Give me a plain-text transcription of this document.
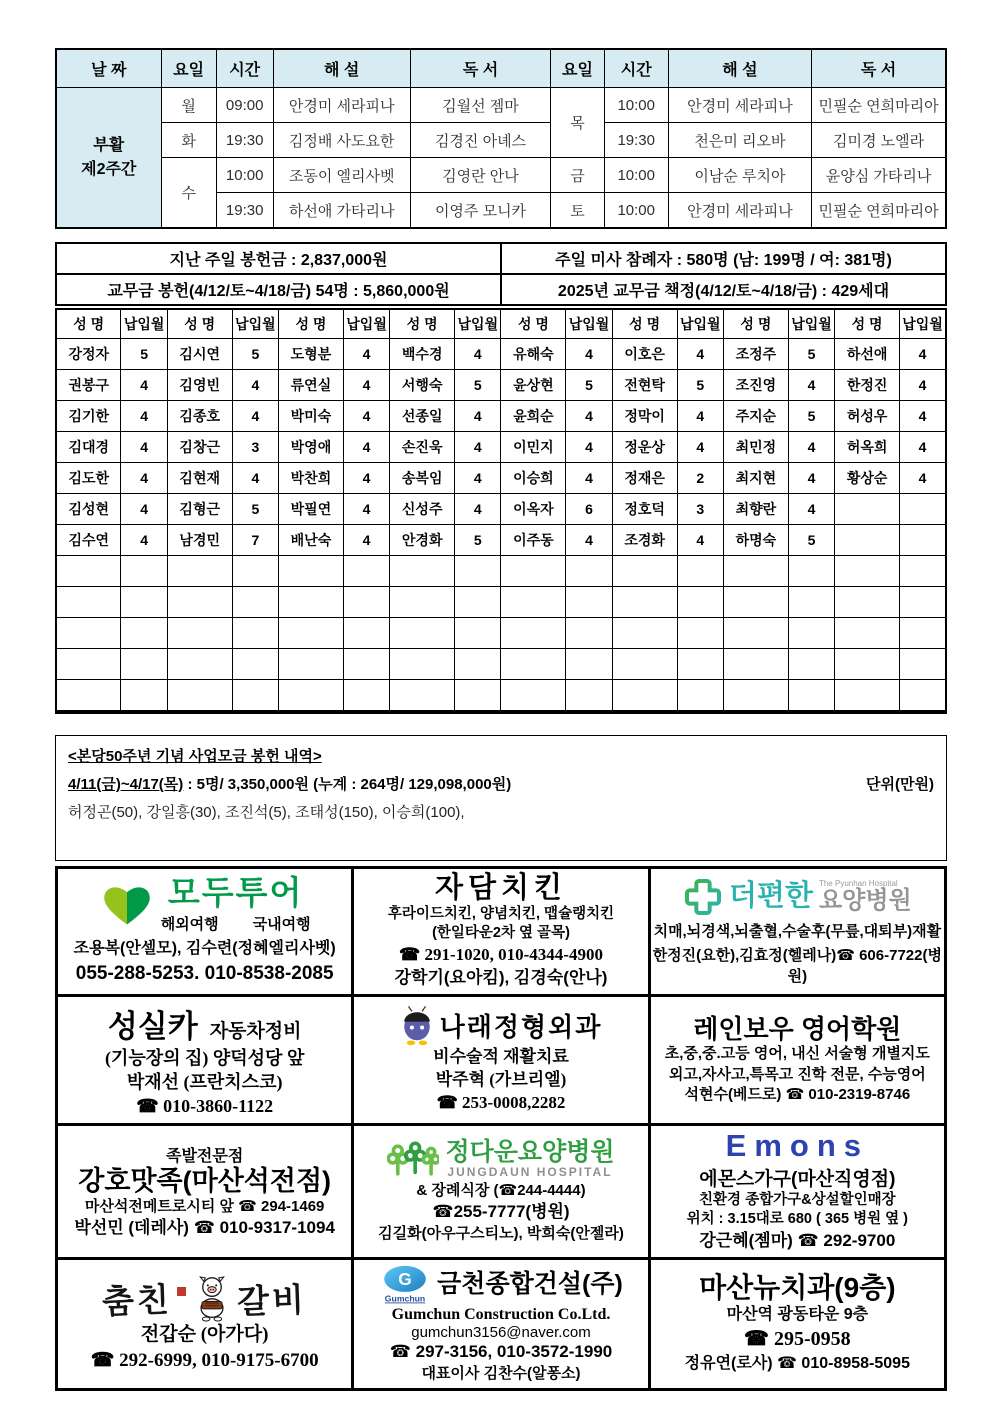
날 짜	요일	시간	해 설	독 서	요일	시간	해 설	독 서
부활
제2주간	월	09:00	안경미 세라피나	김월선 젬마	목	10:00	안경미 세라피나	민필순 연희마리아
	화	19:30	김정배 사도요한	김경진 아녜스		19:30	천은미 리오바	김미경 노엘라
	수	10:00	조동이 엘리사벳	김영란 안나	금	10:00	이남순 루치아	윤양심 가타리나
		19:30	하선애 가타리나	이영주 모니카	토	10:00	안경미 세라피나	민필순 연희마리아
지난 주일 봉헌금 : 2,837,000원	주일 미사 참례자 : 580명 (남: 199명 / 여: 381명)
교무금 봉헌(4/12/토~4/18/금) 54명 : 5,860,000원	2025년 교무금 책정(4/12/토~4/18/금) : 429세대
성 명	납입월	성 명	납입월	성 명	납입월	성 명	납입월	성 명	납입월	성 명	납입월	성 명	납입월	성 명	납입월
강정자	5	김시연	5	도형분	4	백수경	4	유해숙	4	이호은	4	조정주	5	하선애	4
권봉구	4	김영빈	4	류연실	4	서행숙	5	윤상현	5	전현탁	5	조진영	4	한정진	4
김기한	4	김종호	4	박미숙	4	선종일	4	윤희순	4	정막이	4	주지순	5	허성우	4
김대경	4	김창근	3	박영애	4	손진욱	4	이민지	4	정운상	4	최민정	4	허옥희	4
김도한	4	김현재	4	박찬희	4	송복임	4	이승희	4	정재은	2	최지현	4	황상순	4
김성현	4	김형근	5	박필연	4	신성주	4	이옥자	6	정호덕	3	최향란	4		
김수연	4	남경민	7	배난숙	4	안경화	5	이주동	4	조경화	4	하명숙	5		

<본당50주년 기념 사업모금 봉헌 내역>
4/11(금)~4/17(목) : 5명/ 3,350,000원 (누계 : 264명/ 129,098,000원)	단위(만원)
허정곤(50), 강일흥(30), 조진석(5), 조태성(150), 이승희(100),
모두투어
해외여행 국내여행
조용복(안셀모), 김수련(정혜엘리사벳)
055-288-5253. 010-8538-2085

자담치킨
후라이드치킨, 양념치킨, 맵슐랭치킨
(한일타운2차 옆 골목)
☎ 291-1020, 010-4344-4900
강학기(요아킴), 김경숙(안나)

더편한 The Pyunhan Hospital
요양병원
치매,뇌경색,뇌출혈,수술후(무릎,대퇴부)재활
한정진(요한),김효정(헬레나)☎ 606-7722(병원)

성실카 자동차정비
(기능장의 집) 양덕성당 앞
박재선 (프란치스코)
☎ 010-3860-1122

나래정형외과
비수술적 재활치료
박주혁 (가브리엘)
☎ 253-0008,2282

레인보우 영어학원
초,중,중.고등 영어, 내신 서술형 개별지도
외고,자사고,특목고 진학 전문, 수능영어
석현수(베드로) ☎ 010-2319-8746

족발전문점
강호맛족(마산석전점)
마산석전메트로시티 앞 ☎ 294-1469
박선민 (데레사) ☎ 010-9317-1094

정다운요양병원
JUNGDAUN HOSPITAL
& 장례식장 (☎244-4444)
☎255-7777(병원)
김길화(아우구스티노), 박희숙(안젤라)

Emons
에몬스가구(마산직영점)
친환경 종합가구&상설할인매장
위치 : 3.15대로 680 ( 365 병원 옆 )
강근혜(젬마) ☎ 292-9700

춤친 갈비
전갑순 (아가다)
☎ 292-6999, 010-9175-6700

G
Gumchun 금천종합건설(주)
Gumchun Construction Co.Ltd.
gumchun3156@naver.com
☎ 297-3156, 010-3572-1990
대표이사 김찬수(알퐁소)

마산뉴치과(9층)
마산역 광동타운 9층
☎ 295-0958
정유연(로사) ☎ 010-8958-5095
